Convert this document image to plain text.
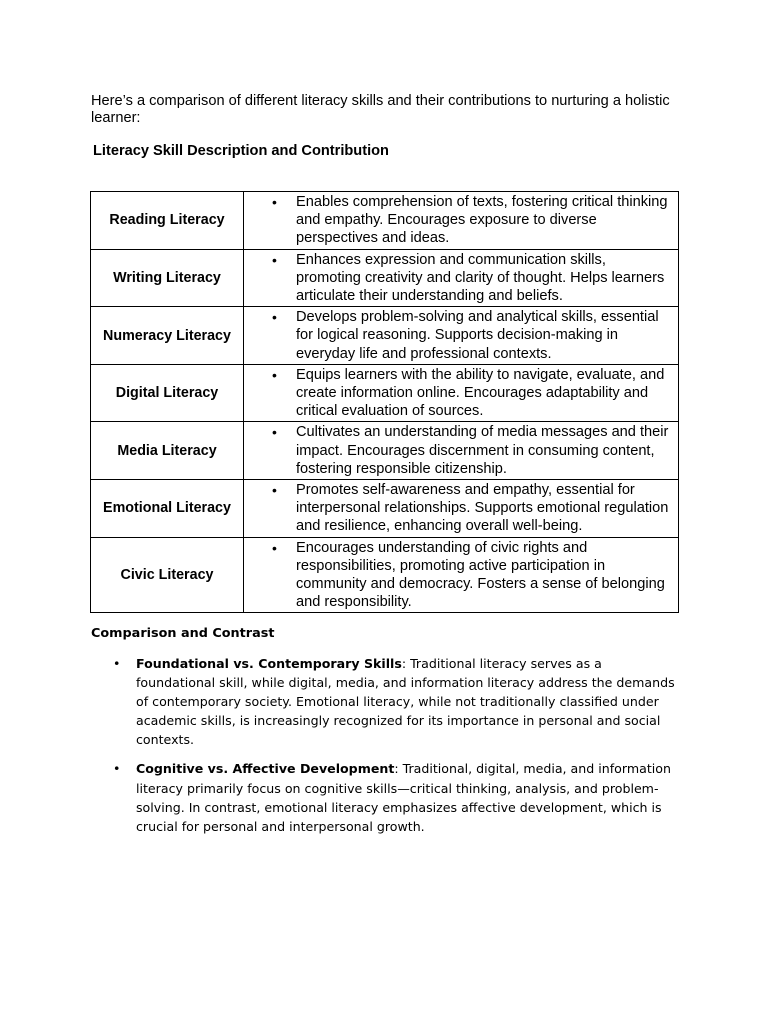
Here’s a comparison of different literacy skills and their contributions to nurturing a holistic learner:

Literacy Skill Description and Contribution

Reading Literacy	• Enables comprehension of texts, fostering critical thinking and empathy. Encourages exposure to diverse perspectives and ideas.

Writing Literacy	• Enhances expression and communication skills, promoting creativity and clarity of thought. Helps learners articulate their understanding and beliefs.

Numeracy Literacy	• Develops problem-solving and analytical skills, essential for logical reasoning. Supports decision-making in everyday life and professional contexts.

Digital Literacy	• Equips learners with the ability to navigate, evaluate, and create information online. Encourages adaptability and critical evaluation of sources.

Media Literacy	• Cultivates an understanding of media messages and their impact. Encourages discernment in consuming content, fostering responsible citizenship.

Emotional Literacy	• Promotes self-awareness and empathy, essential for interpersonal relationships. Supports emotional regulation and resilience, enhancing overall well-being.

Civic Literacy	• Encourages understanding of civic rights and responsibilities, promoting active participation in community and democracy. Fosters a sense of belonging and responsibility.

Comparison and Contrast

• Foundational vs. Contemporary Skills: Traditional literacy serves as a foundational skill, while digital, media, and information literacy address the demands of contemporary society. Emotional literacy, while not traditionally classified under academic skills, is increasingly recognized for its importance in personal and social contexts.
• Cognitive vs. Affective Development: Traditional, digital, media, and information literacy primarily focus on cognitive skills—critical thinking, analysis, and problem-solving. In contrast, emotional literacy emphasizes affective development, which is crucial for personal and interpersonal growth.
